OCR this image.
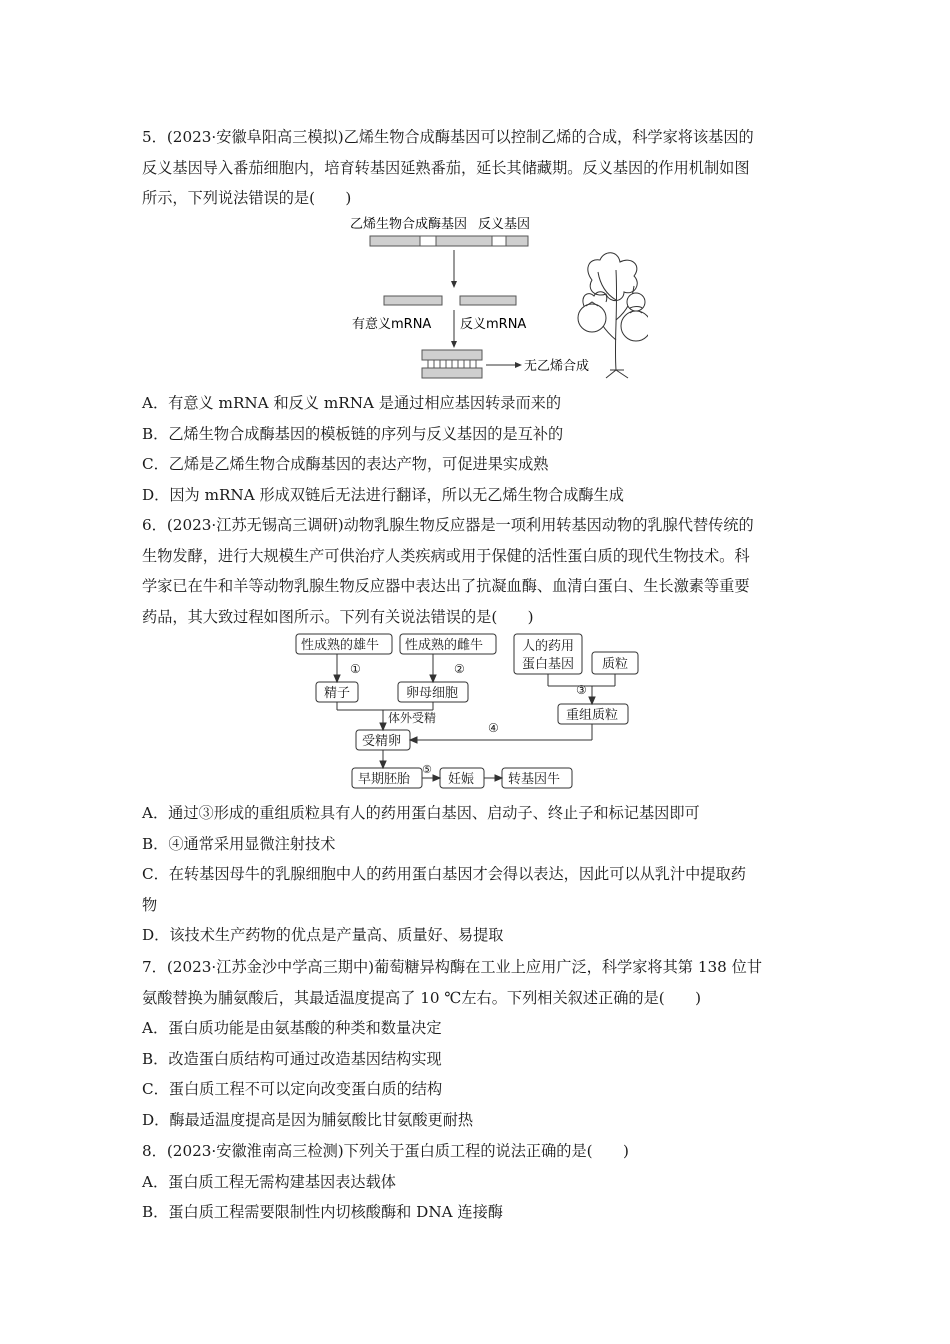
5．(2023·安徽阜阳高三模拟)乙烯生物合成酶基因可以控制乙烯的合成，科学家将该基因的
反义基因导入番茄细胞内，培育转基因延熟番茄，延长其储藏期。反义基因的作用机制如图
所示，下列说法错误的是(　　)
乙烯生物合成酶基因 反义基因
有意义mRNA 反义mRNA
无乙烯合成
A．有意义 mRNA 和反义 mRNA 是通过相应基因转录而来的
B．乙烯生物合成酶基因的模板链的序列与反义基因的是互补的
C．乙烯是乙烯生物合成酶基因的表达产物，可促进果实成熟
D．因为 mRNA 形成双链后无法进行翻译，所以无乙烯生物合成酶生成
6．(2023·江苏无锡高三调研)动物乳腺生物反应器是一项利用转基因动物的乳腺代替传统的
生物发酵，进行大规模生产可供治疗人类疾病或用于保健的活性蛋白质的现代生物技术。科
学家已在牛和羊等动物乳腺生物反应器中表达出了抗凝血酶、血清白蛋白、生长激素等重要
药品，其大致过程如图所示。下列有关说法错误的是(　　)
性成熟的雄牛 性成熟的雌牛	人的药用
蛋白基因 质粒
精子	卵母细胞
重组质粒
体外受精
受精卵
早期胚胎	妊娠	转基因牛
①	②
③
④
⑤
A．通过③形成的重组质粒具有人的药用蛋白基因、启动子、终止子和标记基因即可
B．④通常采用显微注射技术
C．在转基因母牛的乳腺细胞中人的药用蛋白基因才会得以表达，因此可以从乳汁中提取药
物
D．该技术生产药物的优点是产量高、质量好、易提取
7．(2023·江苏金沙中学高三期中)葡萄糖异构酶在工业上应用广泛，科学家将其第 138 位甘
氨酸替换为脯氨酸后，其最适温度提高了 10 ℃左右。下列相关叙述正确的是(　　)
A．蛋白质功能是由氨基酸的种类和数量决定
B．改造蛋白质结构可通过改造基因结构实现
C．蛋白质工程不可以定向改变蛋白质的结构
D．酶最适温度提高是因为脯氨酸比甘氨酸更耐热
8．(2023·安徽淮南高三检测)下列关于蛋白质工程的说法正确的是(　　)
A．蛋白质工程无需构建基因表达载体
B．蛋白质工程需要限制性内切核酸酶和 DNA 连接酶
